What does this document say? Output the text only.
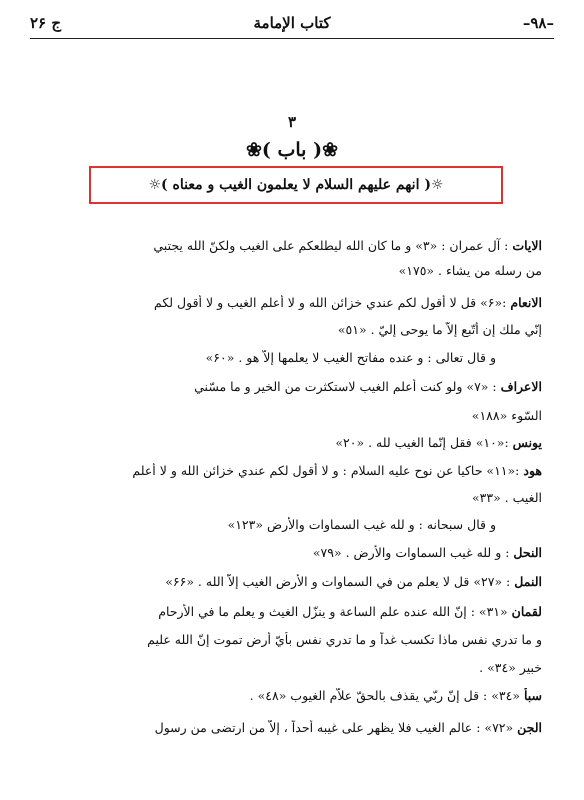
–۹۸–
كتاب الإمامة
ج ٢۶
٣
❀( باب )❀
☼( انهم عليهم السلام لا يعلمون الغيب و معناه )☼
الايات : آل عمران : «٣» و ما كان الله ليطلعكم على الغيب ولكنّ الله يجتبي
من رسله من يشاء . «١٧٥»
الانعام :«۶» قل لا أقول لكم عندي خزائن الله و لا أعلم الغيب و لا أقول لكم
إنّي ملك إن أتّبع إلاّ ما يوحى إليّ . «٥١»
و قال تعالى : و عنده مفاتح الغيب لا يعلمها إلاّ هو . «۶٠»
الاعراف : «٧» ولو كنت أعلم الغيب لاستكثرت من الخير و ما مسّني
السّوء «١٨٨»
يونس :«١٠» فقل إنّما الغيب لله . «٢٠»
هود :«١١» حاكيا عن نوح عليه السلام : و لا أقول لكم عندي خزائن الله و لا أعلم
الغيب . «٣٣»
و قال سبحانه : و لله غيب السماوات والأرض «١٢٣»
النحل : و لله غيب السماوات والأرض . «٧٩»
النمل : «٢٧» قل لا يعلم من في السماوات و الأرض الغيب إلاّ الله . «۶۶»
لقمان «٣١» : إنّ الله عنده علم الساعة و ينزّل الغيث و يعلم ما في الأرحام
و ما تدري نفس ماذا تكسب غداً و ما تدري نفس بأيّ أرض تموت إنّ الله عليم
خبير «٣٤» .
سبأ «٣٤» : قل إنّ ربّي يقذف بالحقّ علاّم الغيوب «٤٨» .
الجن «٧٢» : عالم الغيب فلا يظهر على غيبه أحداً ، إلاّ من ارتضى من رسول
